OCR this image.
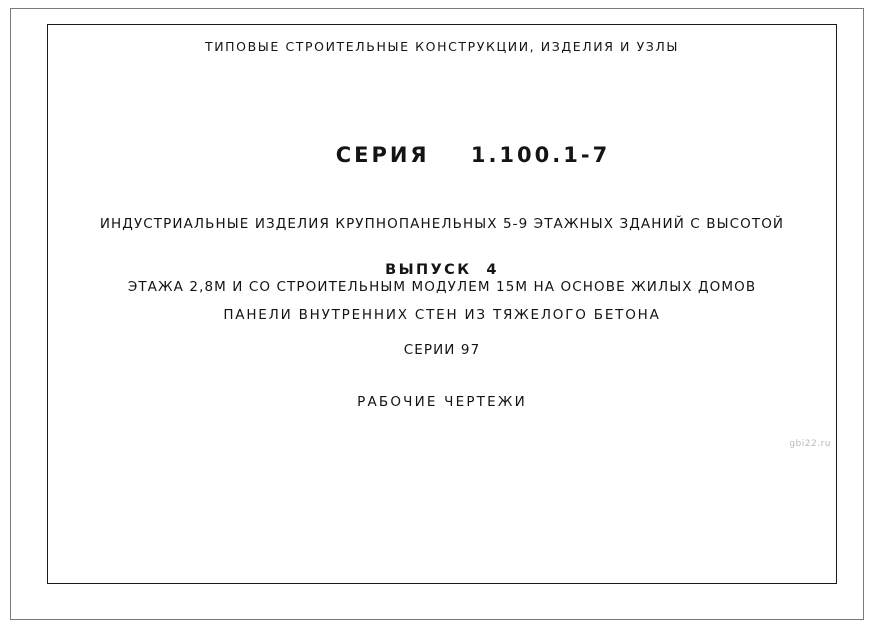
ТИПОВЫЕ СТРОИТЕЛЬНЫЕ КОНСТРУКЦИИ, ИЗДЕЛИЯ И УЗЛЫ

СЕРИЯ 1.100.1-7

ИНДУСТРИАЛЬНЫЕ ИЗДЕЛИЯ КРУПНОПАНЕЛЬНЫХ 5-9 ЭТАЖНЫХ ЗДАНИЙ С ВЫСОТОЙ

ЭТАЖА 2,8М И СО СТРОИТЕЛЬНЫМ МОДУЛЕМ 15М НА ОСНОВЕ ЖИЛЫХ ДОМОВ

СЕРИИ 97

ВЫПУСК  4
ПАНЕЛИ ВНУТРЕННИХ СТЕН ИЗ ТЯЖЕЛОГО БЕТОНА
РАБОЧИЕ ЧЕРТЕЖИ
gbi22.ru
